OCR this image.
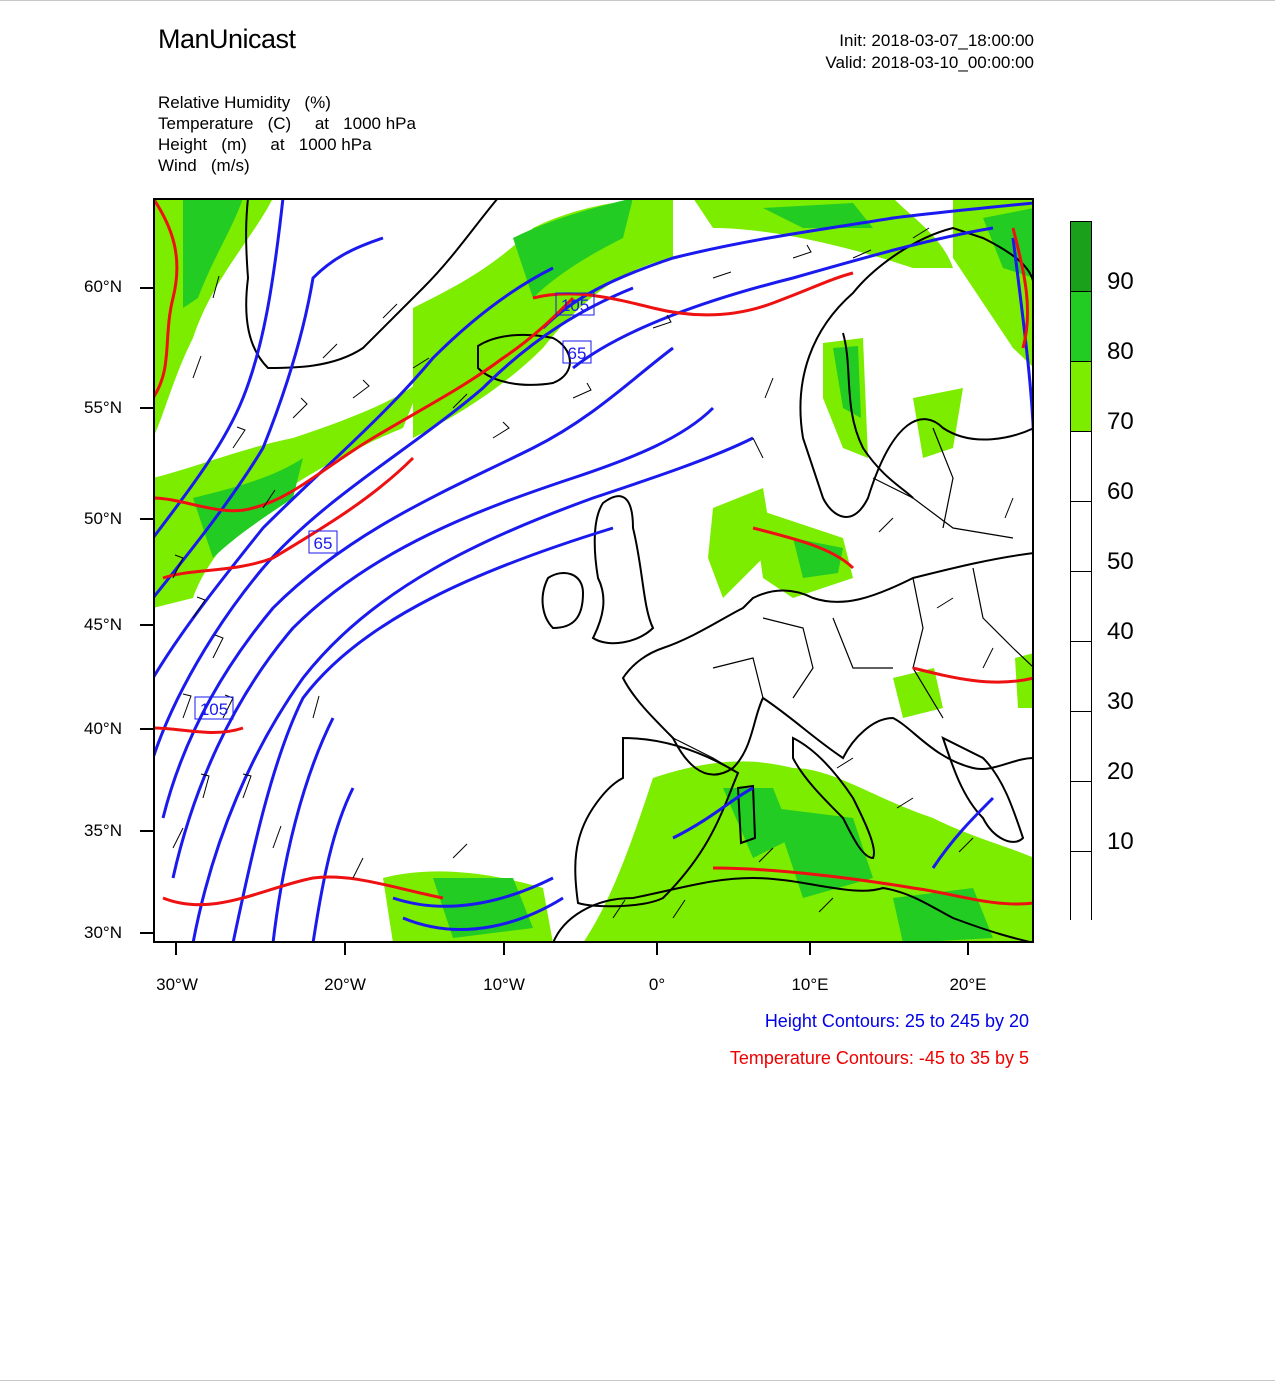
ManUnicast	Init: 2018-03-07_18:00:00
Valid: 2018-03-10_00:00:00
Relative Humidity   (%)
Temperature   (C)     at   1000 hPa
Height   (m)     at   1000 hPa
Wind   (m/s)
105
65
65
105
60°N
55°N
50°N
45°N
40°N
35°N
30°N
30°W	20°W	10°W	0°	10°E	20°E
Height Contours: 25 to 245 by 20
Temperature Contours: -45 to 35 by 5
90
80
70
60
50
40
30
20
10
